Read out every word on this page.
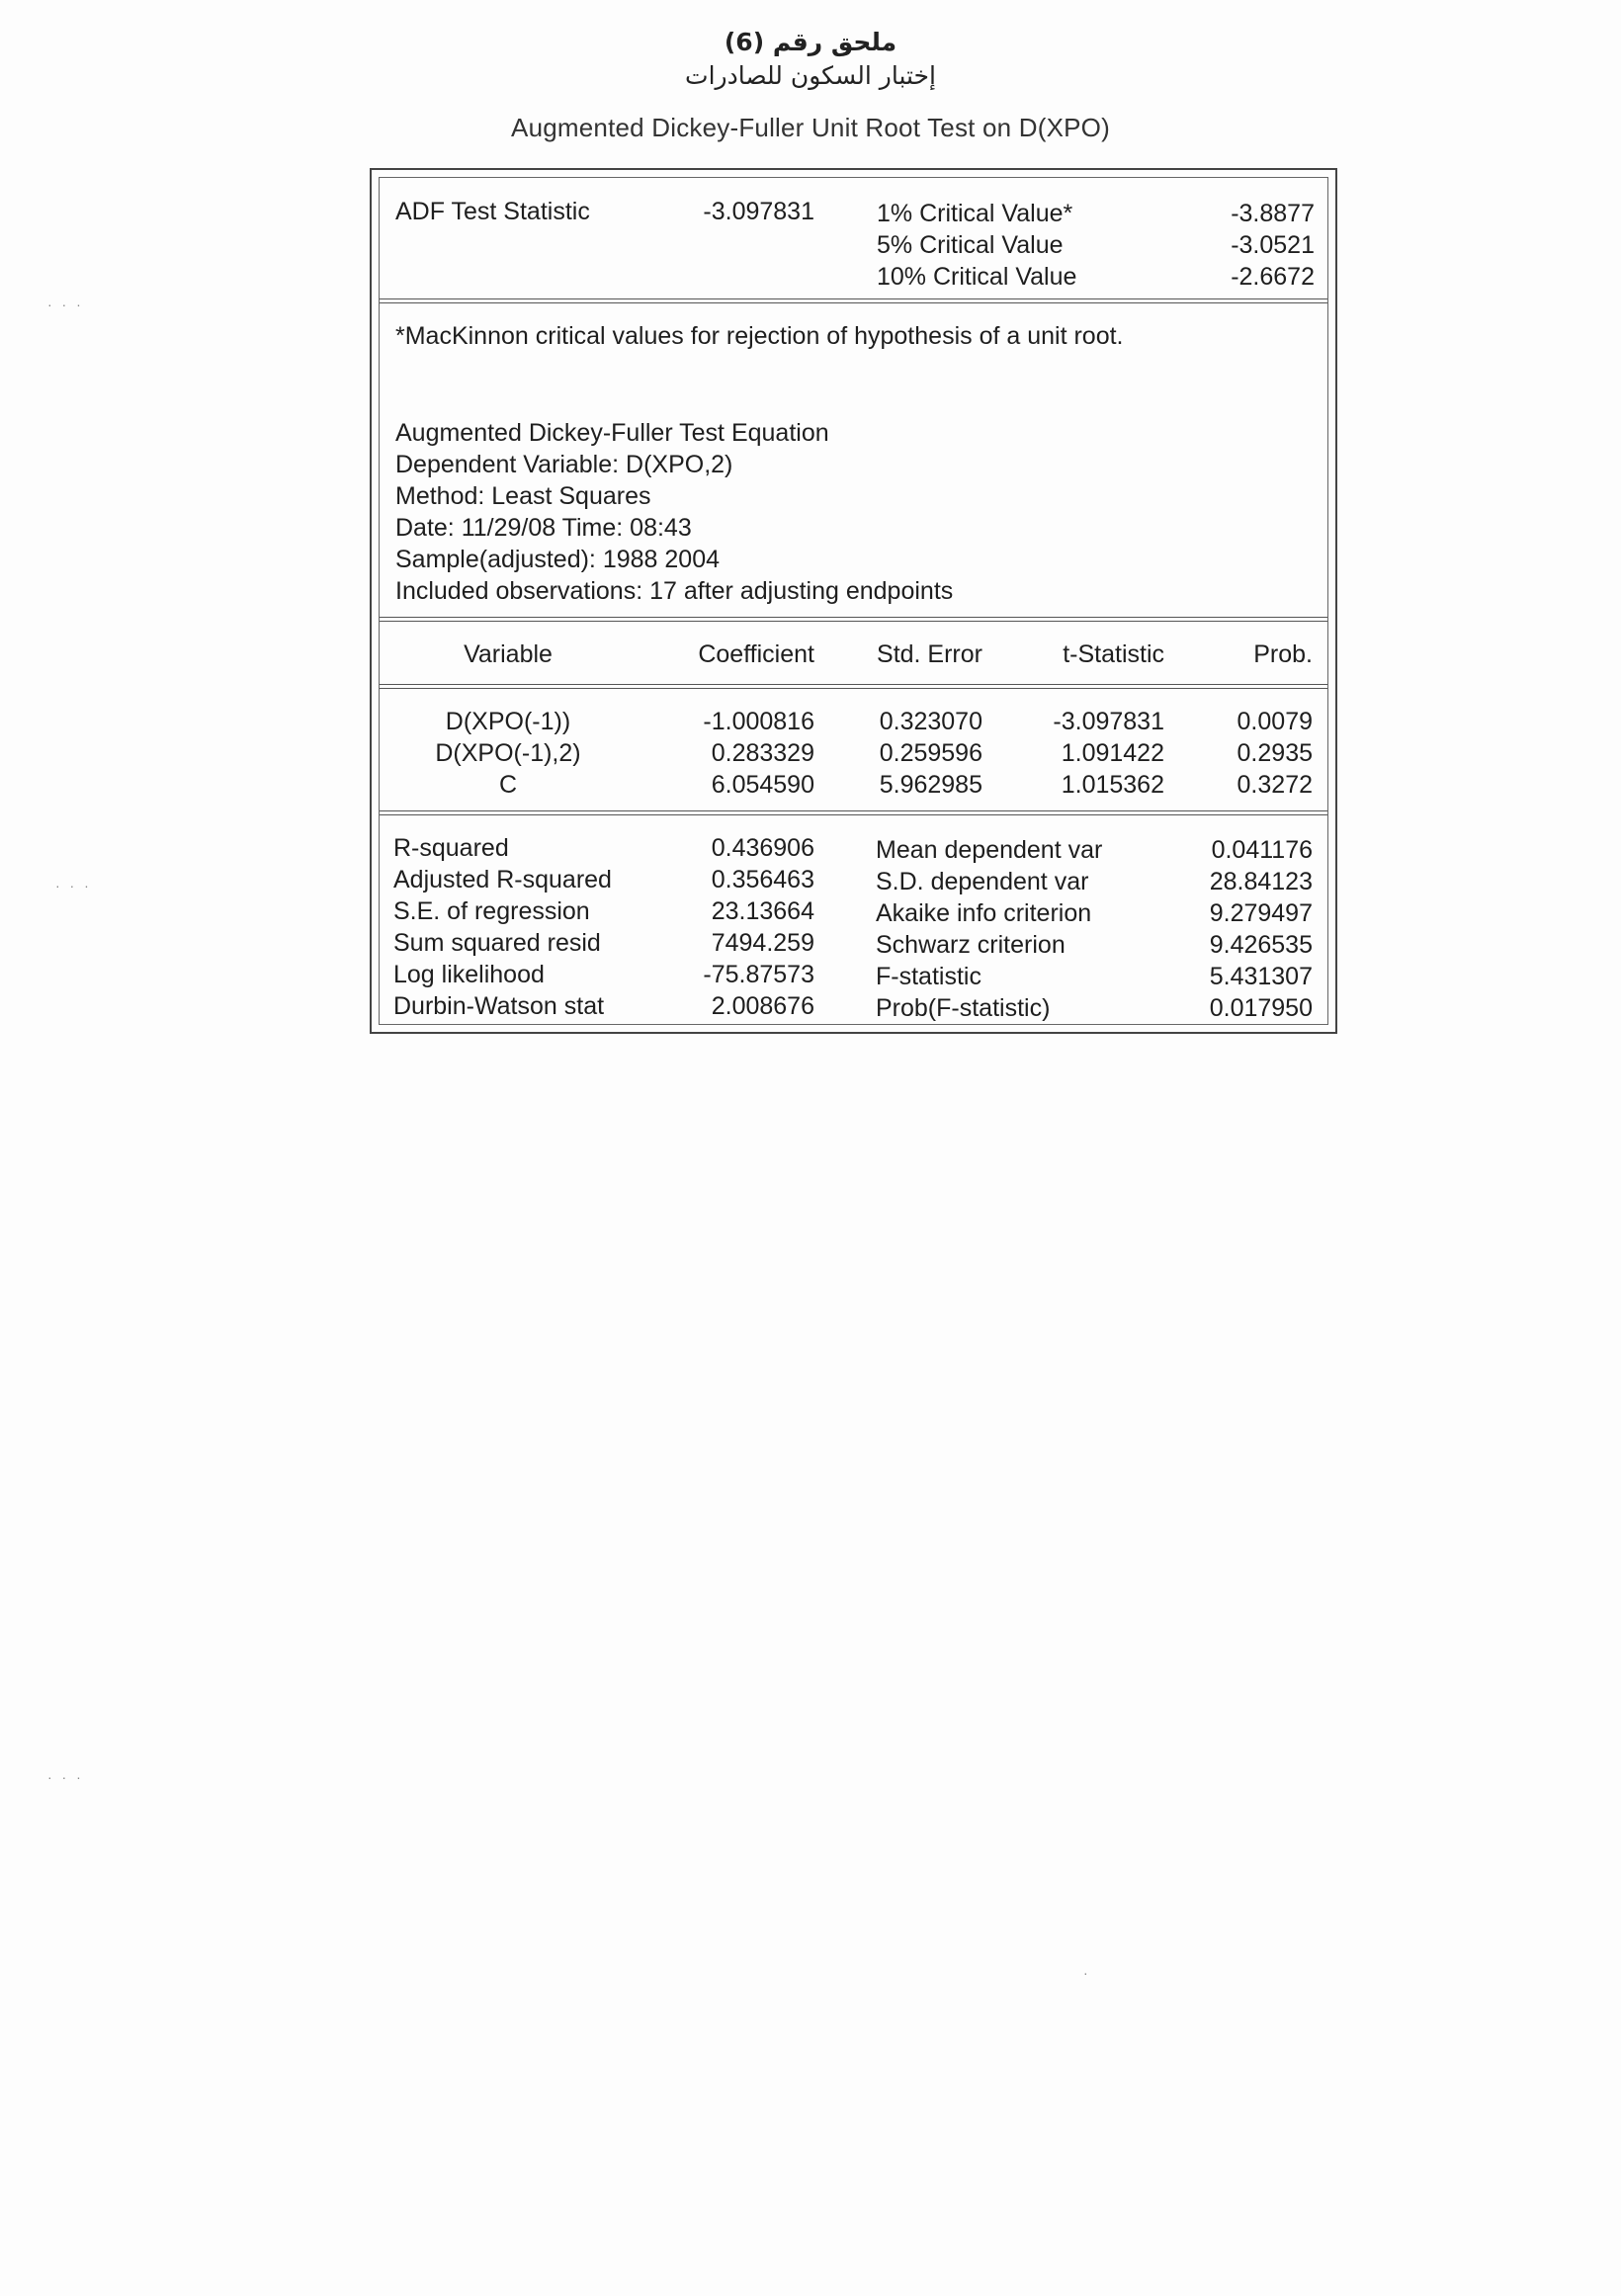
ملحق رقم (6)
إختبار السكون للصادرات
Augmented Dickey-Fuller Unit Root Test on D(XPO)
ADF Test Statistic	-3.097831	1% Critical Value*	-3.8877
5% Critical Value	-3.0521
10% Critical Value	-2.6672
*MacKinnon critical values for rejection of hypothesis of a unit root.
Augmented Dickey-Fuller Test Equation
Dependent Variable: D(XPO,2)
Method: Least Squares
Date: 11/29/08 Time: 08:43
Sample(adjusted): 1988 2004
Included observations: 17 after adjusting endpoints
Variable	Coefficient	Std. Error	t-Statistic	Prob.
D(XPO(-1))	-1.000816	0.323070	-3.097831	0.0079
D(XPO(-1),2)	0.283329	0.259596	1.091422	0.2935
C	6.054590	5.962985	1.015362	0.3272
R-squared	0.436906 Mean dependent var	0.041176
Adjusted R-squared	0.356463 S.D. dependent var	28.84123
S.E. of regression	23.13664 Akaike info criterion	9.279497
Sum squared resid	7494.259 Schwarz criterion	9.426535
Log likelihood	-75.87573 F-statistic	5.431307
Durbin-Watson stat	2.008676 Prob(F-statistic)	0.017950
· · ·
· · ·
· · ·
·
